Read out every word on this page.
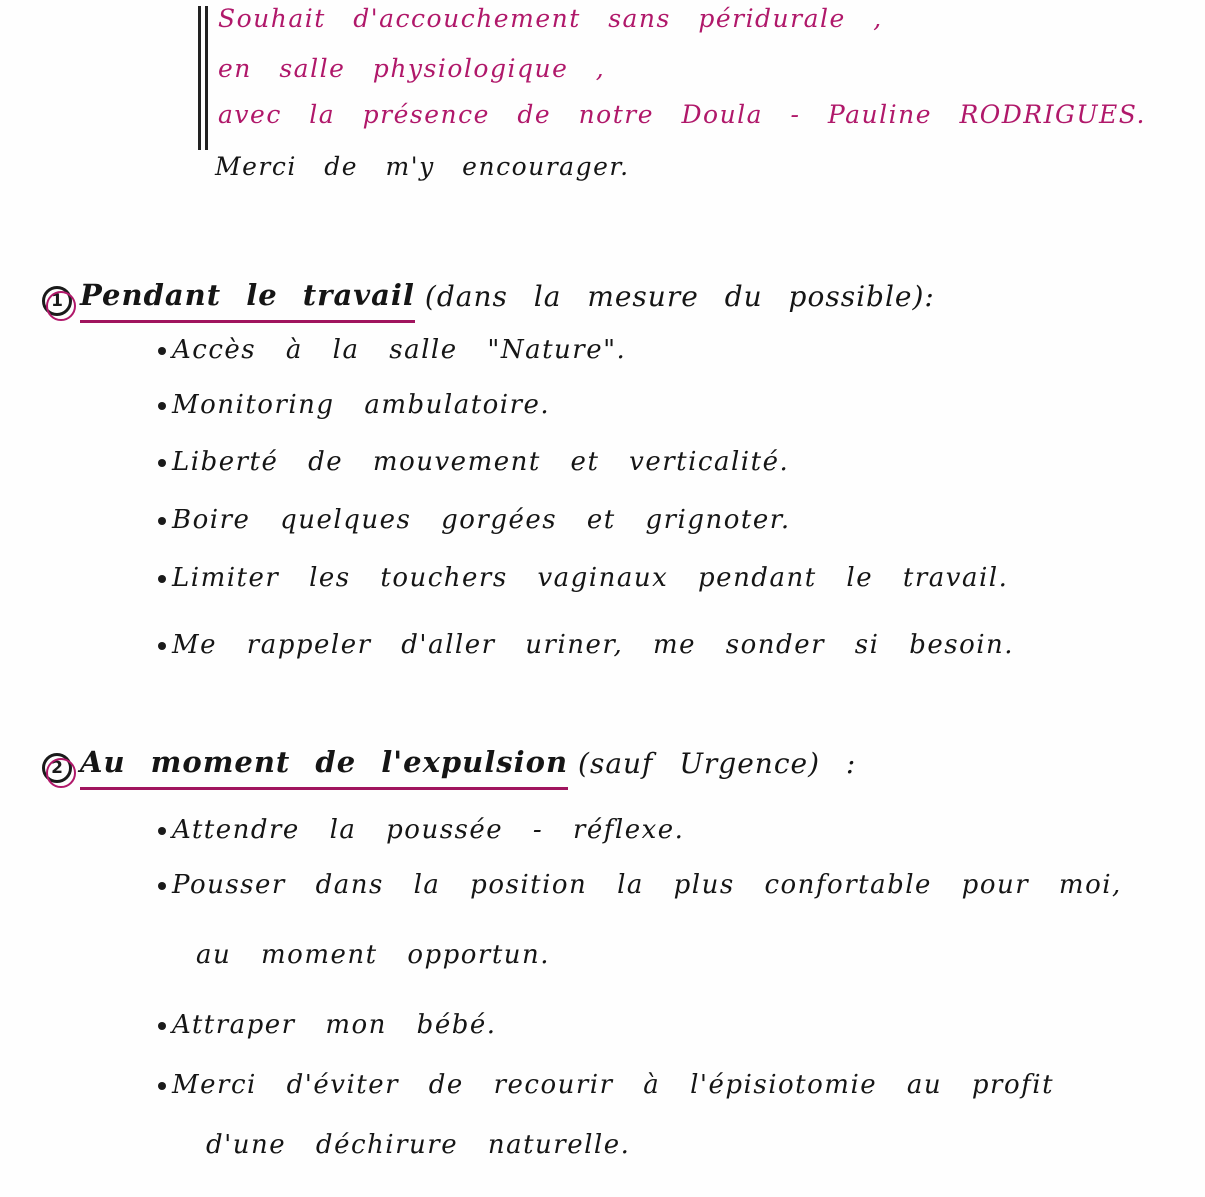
Souhait d'accouchement sans péridurale ,
en salle physiologique ,
avec la présence de notre Doula - Pauline RODRIGUES.
Merci de m'y encourager.
1 Pendant le travail (dans la mesure du possible):
Accès à la salle "Nature".
Monitoring ambulatoire.
Liberté de mouvement et verticalité.
Boire quelques gorgées et grignoter.
Limiter les touchers vaginaux pendant le travail.
Me rappeler d'aller uriner, me sonder si besoin.
2 Au moment de l'expulsion (sauf Urgence) :
Attendre la poussée - réflexe.
Pousser dans la position la plus confortable pour moi,
au moment opportun.
Attraper mon bébé.
Merci d'éviter de recourir à l'épisiotomie au profit
d'une déchirure naturelle.
